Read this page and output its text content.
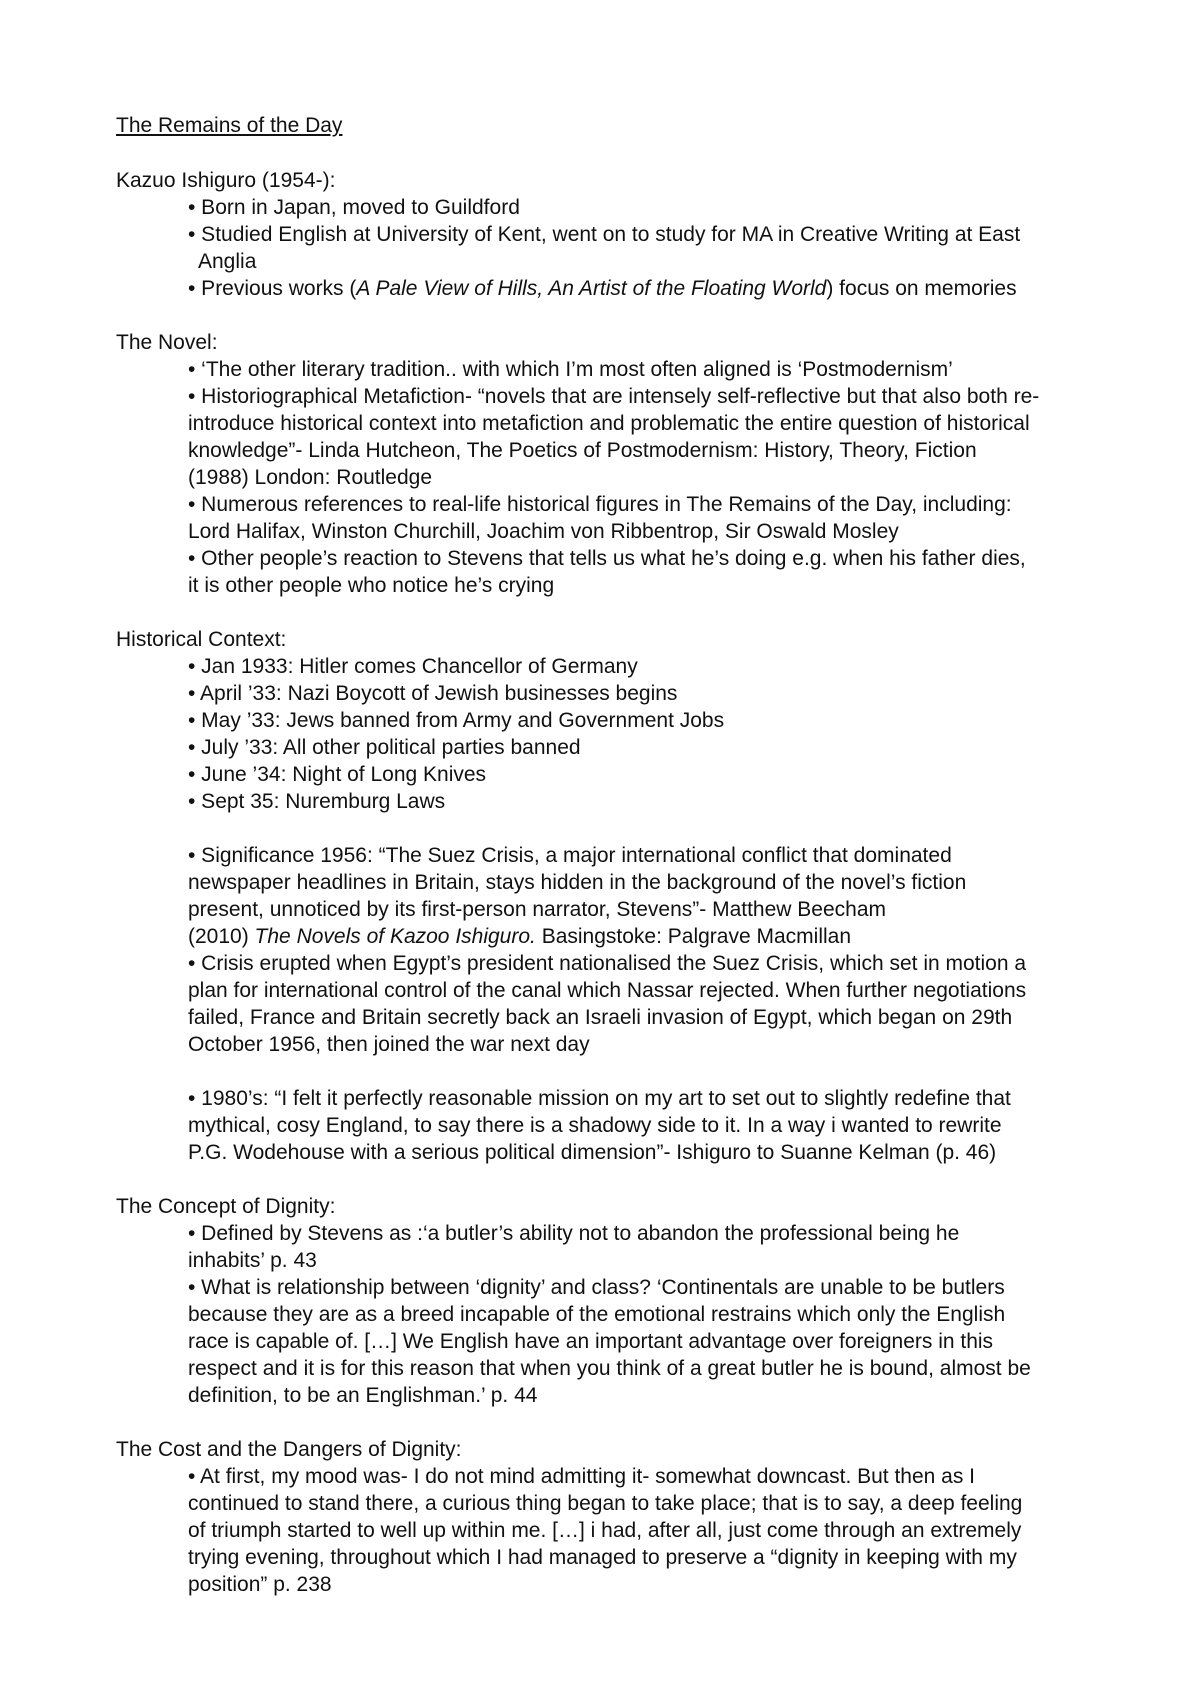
The Remains of the Day
Kazuo Ishiguro (1954-):
• Born in Japan, moved to Guildford
• Studied English at University of Kent, went on to study for MA in Creative Writing at East
Anglia
• Previous works (A Pale View of Hills, An Artist of the Floating World) focus on memories
The Novel:
• ‘The other literary tradition.. with which I’m most often aligned is ‘Postmodernism’
• Historiographical Metafiction- “novels that are intensely self-reflective but that also both re-
introduce historical context into metafiction and problematic the entire question of historical
knowledge”- Linda Hutcheon, The Poetics of Postmodernism: History, Theory, Fiction
(1988) London: Routledge
• Numerous references to real-life historical figures in The Remains of the Day, including:
Lord Halifax, Winston Churchill, Joachim von Ribbentrop, Sir Oswald Mosley
• Other people’s reaction to Stevens that tells us what he’s doing e.g. when his father dies,
it is other people who notice he’s crying
Historical Context:
• Jan 1933: Hitler comes Chancellor of Germany
• April ’33: Nazi Boycott of Jewish businesses begins
• May ’33: Jews banned from Army and Government Jobs
• July ’33: All other political parties banned
• June ’34: Night of Long Knives
• Sept 35: Nuremburg Laws
• Significance 1956: “The Suez Crisis, a major international conflict that dominated
newspaper headlines in Britain, stays hidden in the background of the novel’s fiction
present, unnoticed by its first-person narrator, Stevens”- Matthew Beecham
(2010) The Novels of Kazoo Ishiguro. Basingstoke: Palgrave Macmillan
• Crisis erupted when Egypt’s president nationalised the Suez Crisis, which set in motion a
plan for international control of the canal which Nassar rejected. When further negotiations
failed, France and Britain secretly back an Israeli invasion of Egypt, which began on 29th
October 1956, then joined the war next day
• 1980’s: “I felt it perfectly reasonable mission on my art to set out to slightly redefine that
mythical, cosy England, to say there is a shadowy side to it. In a way i wanted to rewrite
P.G. Wodehouse with a serious political dimension”- Ishiguro to Suanne Kelman (p. 46)
The Concept of Dignity:
• Defined by Stevens as :‘a butler’s ability not to abandon the professional being he
inhabits’ p. 43
• What is relationship between ‘dignity’ and class? ‘Continentals are unable to be butlers
because they are as a breed incapable of the emotional restrains which only the English
race is capable of. […] We English have an important advantage over foreigners in this
respect and it is for this reason that when you think of a great butler he is bound, almost be
definition, to be an Englishman.’ p. 44
The Cost and the Dangers of Dignity:
• At first, my mood was- I do not mind admitting it- somewhat downcast. But then as I
continued to stand there, a curious thing began to take place; that is to say, a deep feeling
of triumph started to well up within me. […] i had, after all, just come through an extremely
trying evening, throughout which I had managed to preserve a “dignity in keeping with my
position” p. 238
